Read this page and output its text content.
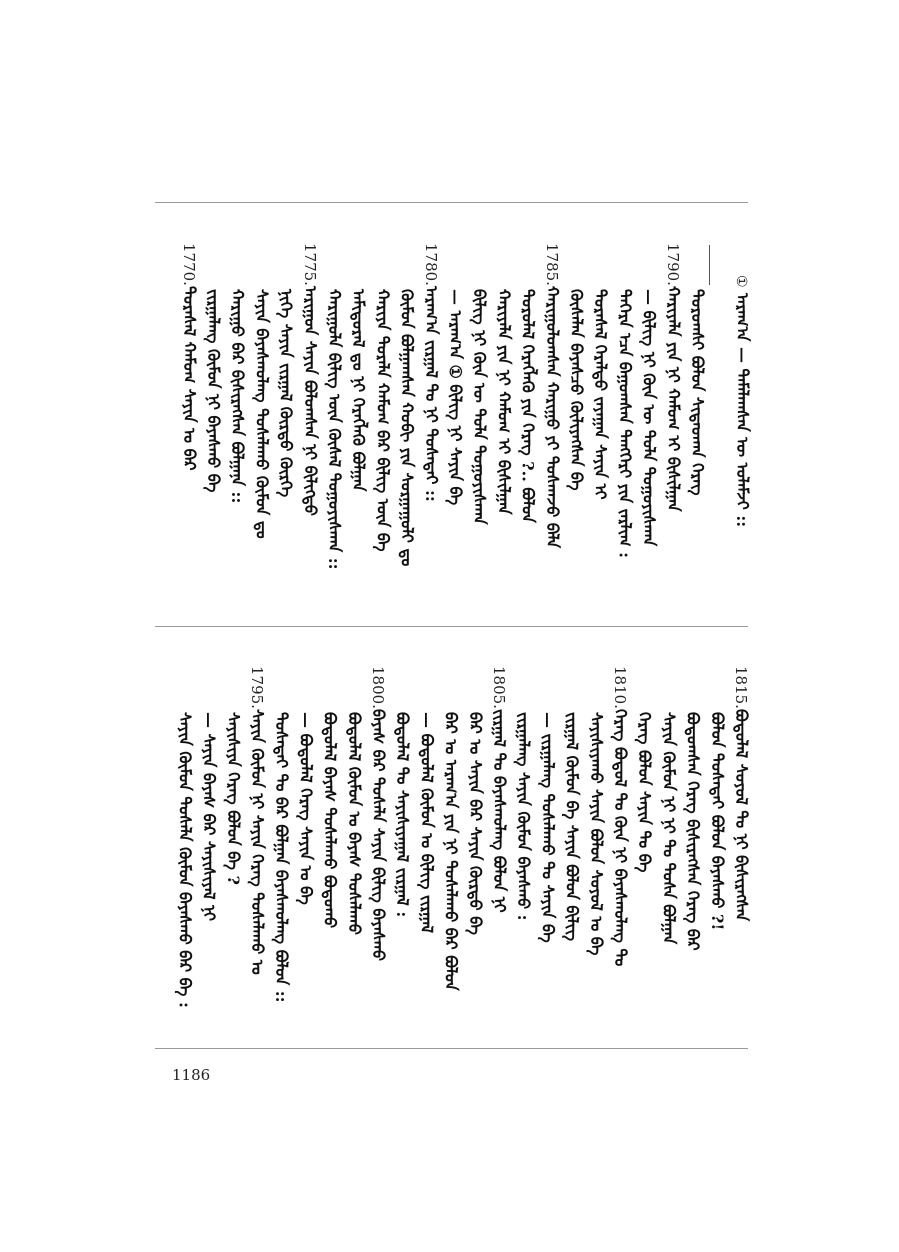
① ᠠᠷᠠᠭ᠎ᠠ — ᠲᠠᠮᠠᠯᠠᠭᠰᠠᠨ ᠦ ᠤᠯᠠᠮᠵᠢ ::
ᠳᠣᠷᠤᠭᠰᠢ ᠪᠣᠯᠤᠨ ᠰᠢᠳᠠᠳᠬᠠ ᠬᠡᠷᠡᠭ
1790.ᠬᠠᠷᠢᠶᠠᠯᠠ ᠶᠢᠨ ᠨᠢ ᠬᠠᠮᠤᠭ ᠡᠢ ᠪᠢᠰᠢᠯᠭᠠᠨ
— ᠪᠢᠯᠢᠭ ᠨᠢ ᠬᠦᠨ ᠦ ᠲᠤᠯᠠ ᠳᠤᠭᠤᠶᠢᠰᠬᠠᠨ
ᠳᠡᠭᠡᠷᠡ ᠡᠴᠡ ᠪᠠᠭᠤᠭᠰᠠᠨ ᠲᠡᠩᠭᠡᠷᠢ ᠶᠢᠨ ᠵᠠᠷᠯᠢᠭ :
ᠳᠤᠷᠠᠰᠠᠯ ᠭᠡᠷᠡᠯᠲᠦ ᠵᠠᠶᠠᠭᠠᠨ ᠰᠠᠶᠢᠨ ᠢ
ᠬᠦᠰᠡᠯᠡᠨ ᠪᠠᠶᠠᠰᠴᠤ ᠬᠦᠯᠢᠶᠡᠭᠰᠡᠨ ᠪᠠ
1785.ᠬᠠᠷᠢᠭᠤᠯᠤᠭᠰᠠᠨ ᠬᠠᠷᠢᠭᠤ ᠶᠢ ᠳᠤᠰᠬᠠᠵᠤ ᠪᠠᠯᠠ
ᠳᠤᠷᠤᠯᠠᠯ ᠬᠡᠷᠡᠭᠯᠡᠬᠦ ᠶᠢᠨ ᠬᠡᠷᠡᠭ ?.. ᠪᠣᠯᠤᠨ
ᠬᠠᠷᠢᠶᠠᠯᠠ ᠶᠢᠨ ᠨᠢ ᠬᠠᠮᠤᠭ ᠡᠢ ᠪᠢᠰᠢᠯᠭᠠᠨ
ᠪᠢᠯᠢᠭ ᠨᠢ ᠬᠦᠨ ᠦ ᠲᠤᠯᠠ ᠳᠤᠭᠤᠶᠢᠰᠬᠠᠨ
— ᠠᠷᠠᠭ᠎ᠠ ① ᠪᠢᠯᠢᠭ ᠨᠢ ᠰᠠᠶᠢᠨ ᠪᠠ
1780.ᠠᠷᠠᠭ᠎ᠠ ᠵᠢᠷᠭᠠᠯ ᠲᠤ ᠨᠢ ᠲᠤᠰᠠᠲᠠᠢ ::
ᠬᠦᠮᠦᠨ ᠪᠣᠯᠭᠠᠭᠰᠠᠨ ᠬᠤᠪᠢ ᠶᠢᠨ ᠰᠤᠷᠭᠠᠭᠤᠯᠢ ᠳᠤ
ᠬᠠᠷᠢᠶᠠ ᠳᠤᠷᠠᠯᠠ ᠬᠠᠮᠤᠭ ᠪᠡᠷ ᠪᠢᠯᠢᠭ ᠦᠨ ᠪᠠ
ᠠᠮᠢᠳᠤᠷᠠᠯ ᠳᠤ ᠨᠢ ᠬᠡᠷᠡᠭᠯᠡᠬᠦ ᠪᠣᠯᠭᠠᠨ
ᠬᠠᠷᠢᠭᠤᠯᠠ ᠪᠢᠯᠢᠭ ᠦᠨ ᠬᠦᠰᠡᠯ ᠲᠤᠭᠤᠶᠢᠰᠬᠠᠨ ::
1775.ᠠᠷᠢᠭᠤᠨ ᠰᠠᠶᠢᠨ ᠪᠣᠯᠤᠭᠰᠠᠨ ᠨᠢ ᠪᠢᠯᠢᠭᠲᠦ
ᠨᠢᠭᠡ ᠰᠠᠶᠢᠨ ᠵᠢᠷᠭᠠᠯ ᠬᠦᠷᠳᠦ ᠬᠦᠷᠭᠡ
ᠰᠠᠶᠢᠨ ᠪᠠᠶᠠᠰᠬᠤᠯᠠᠩ ᠲᠤᠰᠠᠯᠠᠬᠤ ᠬᠦᠮᠦᠨ ᠳᠤ
ᠬᠠᠷᠢᠭᠤ ᠪᠡᠷ ᠪᠢᠰᠢᠷᠡᠭᠰᠡᠨ ᠪᠣᠯᠭᠠᠨᠠ ::
ᠵᠢᠷᠭᠠᠯᠠᠩ ᠬᠦᠮᠦᠨ ᠨᠢ ᠪᠠᠶᠠᠰᠬᠤ ᠪᠠ
1770.ᠳᠤᠷᠠᠰᠠᠯ ᠬᠠᠮᠤᠭ ᠰᠠᠶᠢᠨ ᠤ ᠪᠡᠷ
1815.ᠪᠣᠳᠤᠯᠠᠯ ᠰᠣᠶᠣᠯ ᠲᠤ ᠨᠢ ᠪᠢᠰᠢᠷᠡᠭᠰᠡᠨ
ᠪᠣᠯᠤᠨ ᠲᠤᠰᠠᠲᠠᠢ ᠪᠣᠯᠤᠨ ᠪᠠᠶᠠᠰᠬᠤ ?!
ᠪᠣᠳᠤᠭᠰᠠᠨ ᠬᠡᠷᠡᠭ ᠪᠢᠰᠢᠷᠡᠭᠰᠡᠨ ᠬᠡᠷᠡᠭ ᠪᠠᠷ
ᠰᠠᠶᠢᠨ ᠬᠦᠮᠦᠨ ᠨᠢ ᠨᠢ ᠲᠤ ᠲᠤᠰᠠ ᠪᠣᠯᠭᠠᠨ
ᠬᠡᠷᠡᠭ ᠪᠣᠯᠤᠨ ᠰᠠᠶᠢᠨ ᠲᠤ ᠪᠠ
1810.ᠬᠡᠷᠡᠭ ᠪᠣᠳᠤᠯ ᠲᠤ ᠬᠦᠨ ᠨᠢ ᠪᠠᠶᠠᠰᠬᠤᠯᠠᠩ ᠲᠤ
ᠰᠠᠶᠢᠰᠢᠶᠠᠬᠤ ᠰᠠᠶᠢᠨ ᠪᠣᠯᠤᠨ ᠰᠣᠶᠣᠯ ᠤ ᠪᠠ
ᠵᠢᠷᠭᠠᠯ ᠬᠦᠮᠦᠨ ᠪᠠ ᠰᠠᠶᠢᠨ ᠪᠣᠯᠤᠨ ᠪᠢᠯᠢᠭ
— ᠵᠢᠷᠭᠠᠯᠠᠩ ᠲᠤᠰᠠᠯᠠᠬᠤ ᠲᠤ ᠰᠠᠶᠢᠨ ᠪᠠ
ᠵᠢᠷᠭᠠᠯᠠᠩ ᠰᠠᠶᠢᠨ ᠬᠦᠮᠦᠨ ᠪᠠᠶᠠᠰᠬᠤ :
1805.ᠵᠢᠷᠭᠠᠯ ᠲᠤ ᠪᠠᠶᠠᠰᠬᠤᠯᠠᠩ ᠪᠣᠯᠤᠨ ᠨᠢ
ᠪᠠᠷ ᠤ ᠰᠠᠶᠢᠨ ᠪᠡᠷ ᠰᠠᠶᠢᠨ ᠬᠦᠷᠳᠦ ᠪᠠ
ᠪᠠᠷ ᠤ ᠠᠷᠠᠭ᠎ᠠ ᠶᠢᠨ ᠨᠢ ᠲᠤᠰᠠᠯᠠᠬᠤ ᠪᠡᠷ ᠪᠣᠯᠤᠨ
— ᠪᠣᠳᠤᠯᠠᠯ ᠬᠦᠮᠦᠨ ᠤ ᠪᠢᠯᠢᠭ ᠵᠢᠷᠭᠠᠯ
ᠪᠣᠳᠤᠯᠠᠯ ᠲᠤ ᠰᠠᠶᠢᠰᠢᠶᠠᠭᠠᠯ ᠵᠢᠷᠭᠠᠯ :
1800.ᠪᠠᠶᠠᠰ ᠪᠡᠷ ᠲᠤᠰᠠᠯᠠ ᠰᠠᠶᠢᠨ ᠪᠢᠯᠢᠭ ᠪᠠᠶᠠᠰᠬᠤ
ᠪᠣᠳᠤᠯᠠᠯ ᠬᠦᠮᠦᠨ ᠤ ᠪᠠᠶᠠᠰ ᠲᠤᠰᠠᠯᠠᠬᠤ
ᠪᠣᠳᠤᠯᠠᠯ ᠪᠠᠶᠠᠰ ᠲᠤᠰᠠᠯᠠᠬᠤ ᠪᠣᠳᠤᠬᠤ
— ᠪᠣᠳᠤᠯᠠᠯ ᠬᠡᠷᠡᠭ ᠰᠠᠶᠢᠨ ᠤ ᠪᠠ
ᠲᠤᠰᠠᠲᠠᠢ ᠲᠤ ᠪᠡᠷ ᠪᠣᠯᠭᠠᠨ ᠪᠠᠶᠠᠰᠬᠤᠯᠠᠩ ᠪᠣᠯᠤᠨ ::
1795.ᠰᠠᠶᠢᠨ ᠬᠦᠮᠦᠨ ᠨᠢ ᠰᠠᠶᠢᠨ ᠬᠡᠷᠡᠭ ᠲᠤᠰᠠᠯᠠᠬᠤ ᠤ
ᠰᠠᠶᠢᠰᠢᠶᠠ ᠬᠡᠷᠡᠭ ᠪᠣᠯᠤᠨ ᠪᠠ ?
— ᠰᠠᠶᠢᠨ ᠪᠠᠶᠠᠰ ᠪᠡᠷ ᠰᠠᠶᠢᠰᠢᠶᠠᠯ ᠨᠢ
ᠰᠠᠶᠢᠨ ᠬᠦᠮᠦᠨ ᠲᠤᠰᠠᠯᠠ ᠬᠦᠮᠦᠨ ᠪᠠᠶᠠᠰᠬᠤ ᠪᠡᠷ ᠪᠠ :
1186
